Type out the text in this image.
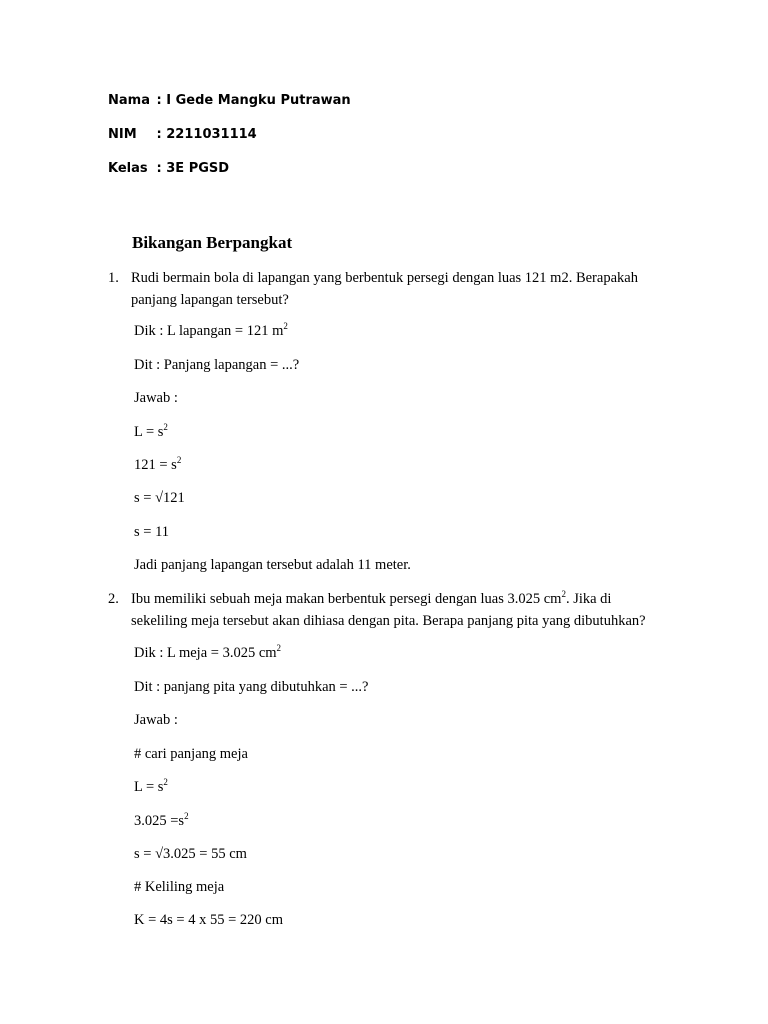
Nama : I Gede Mangku Putrawan
NIM : 2211031114
Kelas : 3E PGSD
Bikangan Berpangkat
1. Rudi bermain bola di lapangan yang berbentuk persegi dengan luas 121 m2. Berapakah
panjang lapangan tersebut?
Dik : L lapangan = 121 $m^2$
Dit : Panjang lapangan = ...?
Jawab :
$L = s^2$
$121 = s^2$
s = √121
s = 11
Jadi panjang lapangan tersebut adalah 11 meter.
2. Ibu memiliki sebuah meja makan berbentuk persegi dengan luas 3.025 $cm^2$. Jika di
sekeliling meja tersebut akan dihiasa dengan pita. Berapa panjang pita yang dibutuhkan?
Dik : L meja = 3.025 $cm^2$
Dit : panjang pita yang dibutuhkan = ...?
Jawab :
# cari panjang meja
$L = s^2$
$3.025 =s^2$
s = √3.025 = 55 cm
# Keliling meja
K = 4s = 4 x 55 = 220 cm
